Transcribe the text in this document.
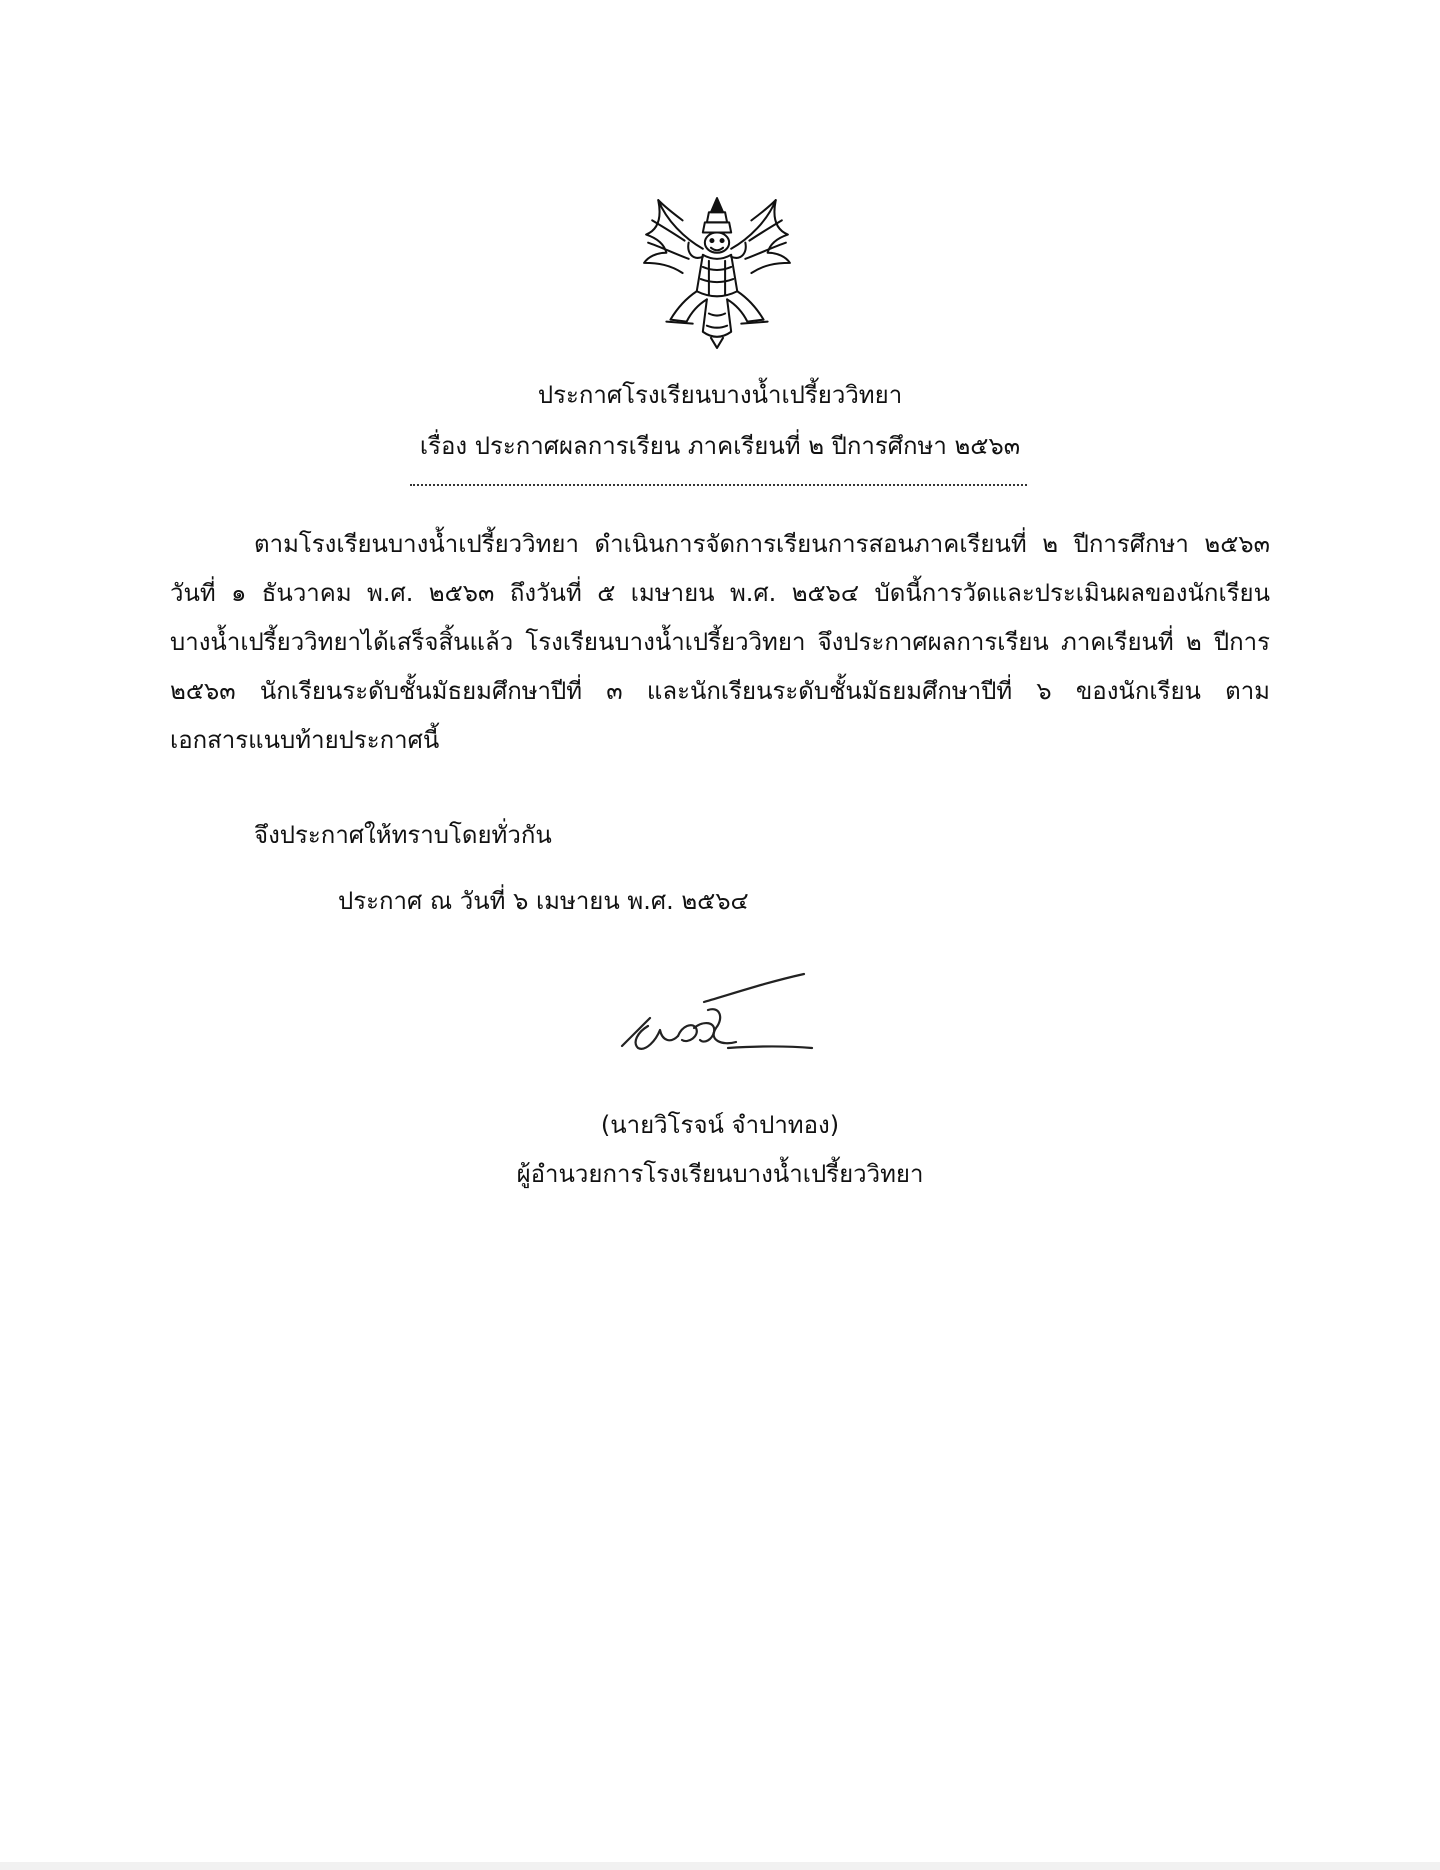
ประกาศโรงเรียนบางน้ำเปรี้ยววิทยา
เรื่อง ประกาศผลการเรียน ภาคเรียนที่ ๒ ปีการศึกษา ๒๕๖๓
ตามโรงเรียนบางน้ำเปรี้ยววิทยา ดำเนินการจัดการเรียนการสอนภาคเรียนที่ ๒ ปีการศึกษา ๒๕๖๓
วันที่ ๑ ธันวาคม พ.ศ. ๒๕๖๓ ถึงวันที่ ๕ เมษายน พ.ศ. ๒๕๖๔ บัดนี้การวัดและประเมินผลของนักเรียน
บางน้ำเปรี้ยววิทยาได้เสร็จสิ้นแล้ว โรงเรียนบางน้ำเปรี้ยววิทยา จึงประกาศผลการเรียน ภาคเรียนที่ ๒ ปีการ
๒๕๖๓ นักเรียนระดับชั้นมัธยมศึกษาปีที่ ๓ และนักเรียนระดับชั้นมัธยมศึกษาปีที่ ๖ ของนักเรียน ตาม
เอกสารแนบท้ายประกาศนี้
จึงประกาศให้ทราบโดยทั่วกัน
ประกาศ ณ วันที่ ๖ เมษายน พ.ศ. ๒๕๖๔
(นายวิโรจน์ จำปาทอง)
ผู้อำนวยการโรงเรียนบางน้ำเปรี้ยววิทยา
